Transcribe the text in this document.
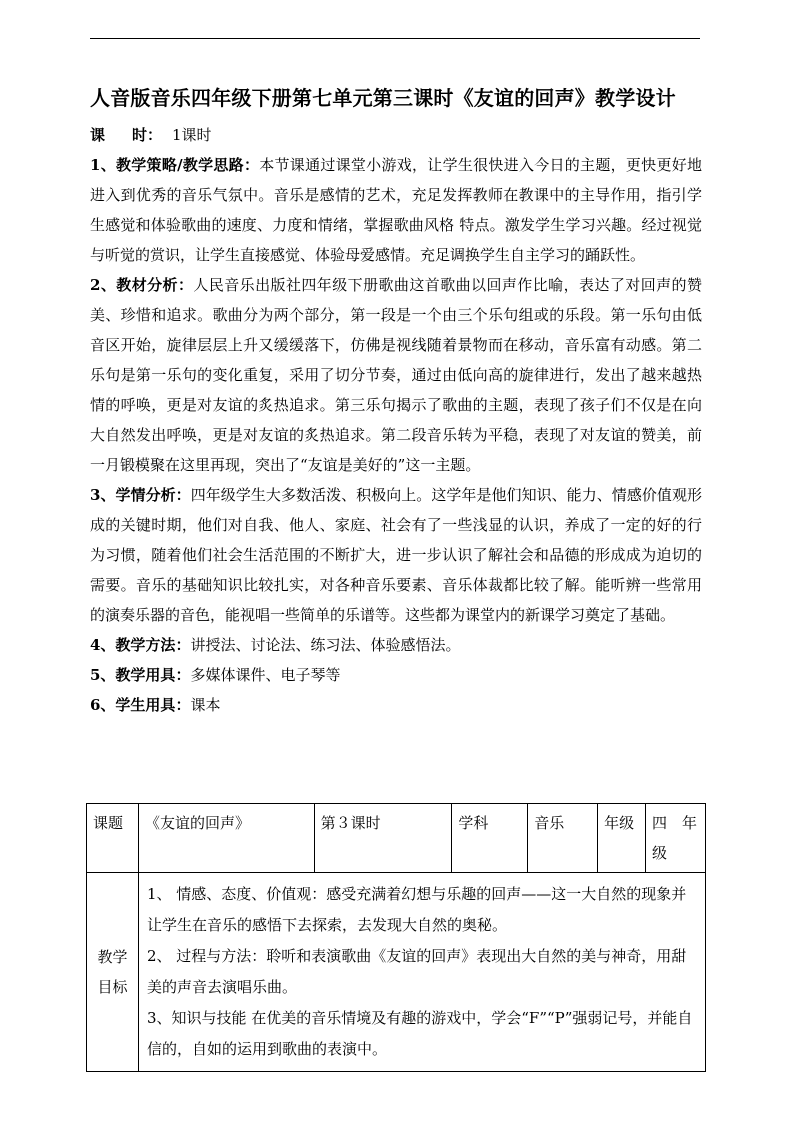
人音版音乐四年级下册第七单元第三课时《友谊的回声》教学设计

课 时： 1课时

1、教学策略/教学思路：本节课通过课堂小游戏，让学生很快进入今日的主题，更快更好地进入到优秀的音乐气氛中。音乐是感情的艺术，充足发挥教师在教课中的主导作用，指引学生感觉和体验歌曲的速度、力度和情绪，掌握歌曲风格 特点。激发学生学习兴趣。经过视觉与听觉的赏识，让学生直接感觉、体验母爱感情。充足调换学生自主学习的踊跃性。

2、教材分析：人民音乐出版社四年级下册歌曲这首歌曲以回声作比喻，表达了对回声的赞美、珍惜和追求。歌曲分为两个部分，第一段是一个由三个乐句组或的乐段。第一乐句由低音区开始，旋律层层上升又缓缓落下，仿佛是视线随着景物而在移动，音乐富有动感。第二乐句是第一乐句的变化重复，采用了切分节奏，通过由低向高的旋律进行，发出了越来越热情的呼唤，更是对友谊的炙热追求。第三乐句揭示了歌曲的主题，表现了孩子们不仅是在向大自然发出呼唤，更是对友谊的炙热追求。第二段音乐转为平稳，表现了对友谊的赞美，前一月锻模聚在这里再现，突出了“友谊是美好的”这一主题。

3、学情分析：四年级学生大多数活泼、积极向上。这学年是他们知识、能力、情感价值观形成的关键时期，他们对自我、他人、家庭、社会有了一些浅显的认识，养成了一定的好的行为习惯，随着他们社会生活范围的不断扩大，进一步认识了解社会和品德的形成成为迫切的需要。音乐的基础知识比较扎实，对各种音乐要素、音乐体裁都比较了解。能听辨一些常用的演奏乐器的音色，能视唱一些简单的乐谱等。这些都为课堂内的新课学习奠定了基础。

4、教学方法：讲授法、讨论法、练习法、体验感悟法。

5、教学用具：多媒体课件、电子琴等

6、学生用具：课本

课题	《友谊的回声》	第３课时	学科	音乐	年级	四　年级
教学目标	1、 情感、态度、价值观：感受充满着幻想与乐趣的回声——这一大自然的现象并让学生在音乐的感悟下去探索，去发现大自然的奥秘。

2、 过程与方法：聆听和表演歌曲《友谊的回声》表现出大自然的美与神奇，用甜美的声音去演唱乐曲。

3、知识与技能 在优美的音乐情境及有趣的游戏中，学会“F”“P”强弱记号，并能自信的，自如的运用到歌曲的表演中。					
